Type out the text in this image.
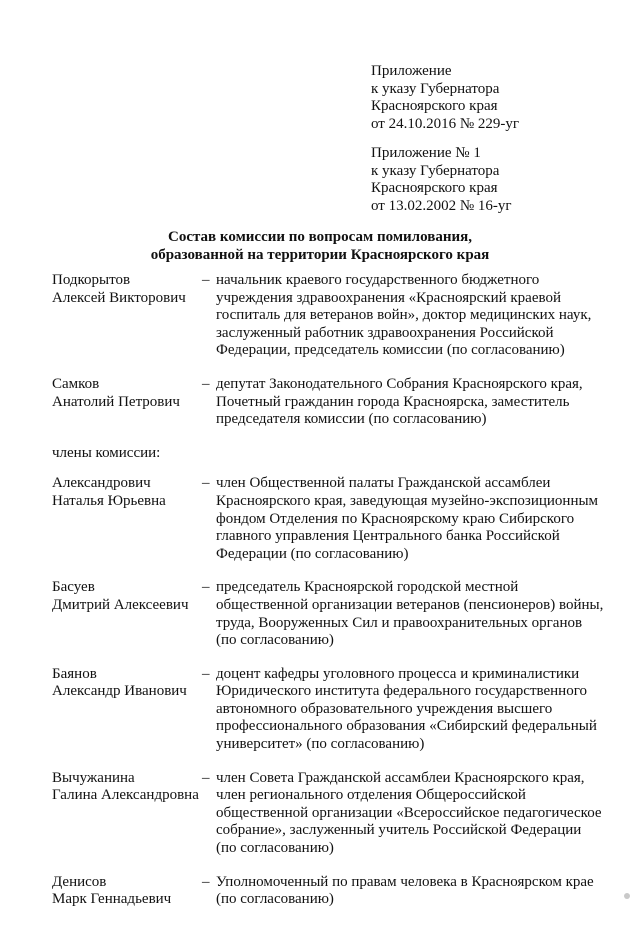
Приложение
к указу Губернатора
Красноярского края
от 24.10.2016 № 229-уг
Приложение № 1
к указу Губернатора
Красноярского края
от 13.02.2002 № 16-уг
Состав комиссии по вопросам помилования,
образованной на территории Красноярского края
Подкорытов
Алексей Викторович
– начальник краевого государственного бюджетного
учреждения здравоохранения «Красноярский краевой
госпиталь для ветеранов войн», доктор медицинских наук,
заслуженный работник здравоохранения Российской
Федерации, председатель комиссии (по согласованию)
Самков
Анатолий Петрович
– депутат Законодательного Собрания Красноярского края,
Почетный гражданин города Красноярска, заместитель
председателя комиссии (по согласованию)
члены комиссии:
Александрович
Наталья Юрьевна
– член Общественной палаты Гражданской ассамблеи
Красноярского края, заведующая музейно-экспозиционным
фондом Отделения по Красноярскому краю Сибирского
главного управления Центрального банка Российской
Федерации (по согласованию)
Басуев
Дмитрий Алексеевич
– председатель Красноярской городской местной
общественной организации ветеранов (пенсионеров) войны,
труда, Вооруженных Сил и правоохранительных органов
(по согласованию)
Баянов
Александр Иванович
– доцент кафедры уголовного процесса и криминалистики
Юридического института федерального государственного
автономного образовательного учреждения высшего
профессионального образования «Сибирский федеральный
университет» (по согласованию)
Вычужанина
Галина Александровна
– член Совета Гражданской ассамблеи Красноярского края,
член регионального отделения Общероссийской
общественной организации «Всероссийское педагогическое
собрание», заслуженный учитель Российской Федерации
(по согласованию)
Денисов
Марк Геннадьевич
– Уполномоченный по правам человека в Красноярском крае
(по согласованию)
